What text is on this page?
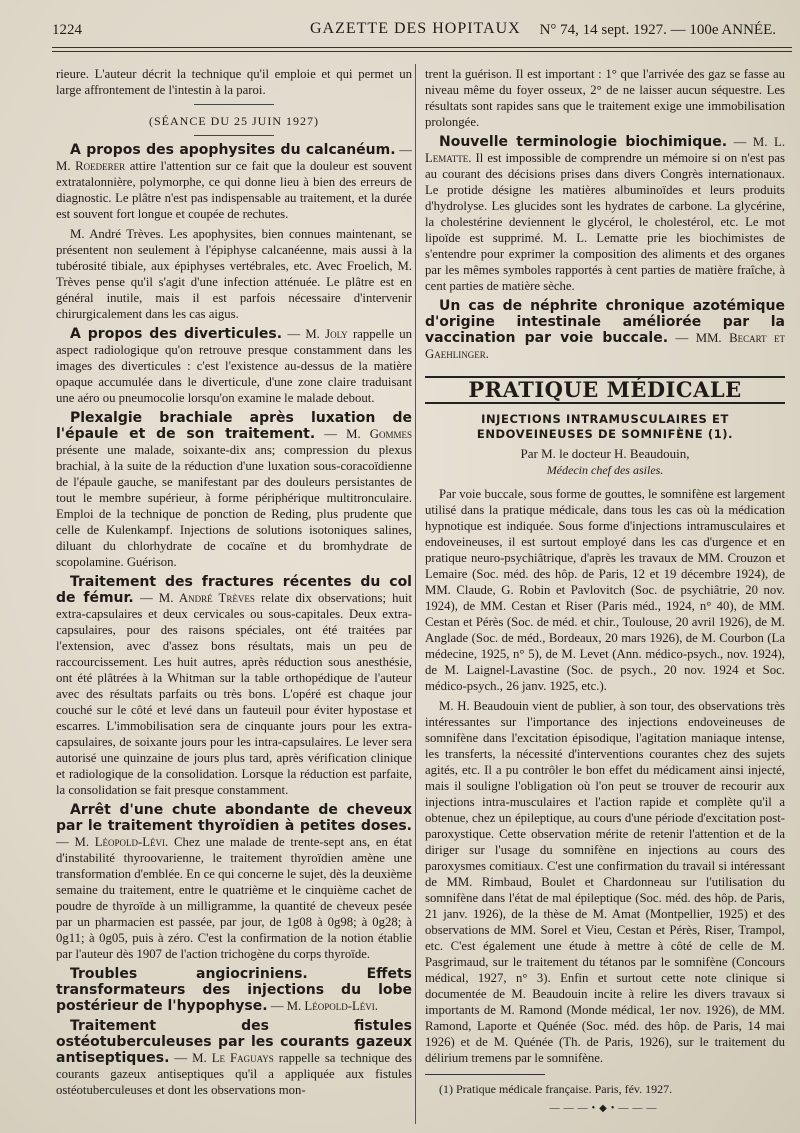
1224	GAZETTE DES HOPITAUX N° 74, 14 sept. 1927. — 100e ANNÉE.

rieure. L'auteur décrit la technique qu'il emploie et qui permet un large affrontement de l'intestin à la paroi.

(SÉANCE DU 25 JUIN 1927)

A propos des apophysites du calcanéum. — M. Roederer attire l'attention sur ce fait que la douleur est souvent extratalonnière, polymorphe, ce qui donne lieu à bien des erreurs de diagnostic. Le plâtre n'est pas indispensable au traitement, et la durée est souvent fort longue et coupée de rechutes.

M. André Trèves. Les apophysites, bien connues maintenant, se présentent non seulement à l'épiphyse calcanéenne, mais aussi à la tubérosité tibiale, aux épiphyses vertébrales, etc. Avec Froelich, M. Trèves pense qu'il s'agit d'une infection atténuée. Le plâtre est en général inutile, mais il est parfois nécessaire d'intervenir chirurgicalement dans les cas aigus.

A propos des diverticules. — M. Joly rappelle un aspect radiologique qu'on retrouve presque constamment dans les images des diverticules : c'est l'existence au-dessus de la matière opaque accumulée dans le diverticule, d'une zone claire traduisant une aéro ou pneumocolie lorsqu'on examine le malade debout.

Plexalgie brachiale après luxation de l'épaule et de son traitement. — M. Gommes présente une malade, soixante-dix ans; compression du plexus brachial, à la suite de la réduction d'une luxation sous-coracoïdienne de l'épaule gauche, se manifestant par des douleurs persistantes de tout le membre supérieur, à forme périphérique multitronculaire. Emploi de la technique de ponction de Reding, plus prudente que celle de Kulenkampf. Injections de solutions isotoniques salines, diluant du chlorhydrate de cocaïne et du bromhydrate de scopolamine. Guérison.

Traitement des fractures récentes du col de fémur. — M. André Trèves relate dix observations; huit extra-capsulaires et deux cervicales ou sous-capitales. Deux extra-capsulaires, pour des raisons spéciales, ont été traitées par l'extension, avec d'assez bons résultats, mais un peu de raccourcissement. Les huit autres, après réduction sous anesthésie, ont été plâtrées à la Whitman sur la table orthopédique de l'auteur avec des résultats parfaits ou très bons. L'opéré est chaque jour couché sur le côté et levé dans un fauteuil pour éviter hypostase et escarres. L'immobilisation sera de cinquante jours pour les extra-capsulaires, de soixante jours pour les intra-capsulaires. Le lever sera autorisé une quinzaine de jours plus tard, après vérification clinique et radiologique de la consolidation. Lorsque la réduction est parfaite, la consolidation se fait presque constamment.

Arrêt d'une chute abondante de cheveux par le traitement thyroïdien à petites doses. — M. Léopold-Lévi. Chez une malade de trente-sept ans, en état d'instabilité thyroovarienne, le traitement thyroïdien amène une transformation d'emblée. En ce qui concerne le sujet, dès la deuxième semaine du traitement, entre le quatrième et le cinquième cachet de poudre de thyroïde à un milligramme, la quantité de cheveux pesée par un pharmacien est passée, par jour, de 1g08 à 0g98; à 0g28; à 0g11; à 0g05, puis à zéro. C'est la confirmation de la notion établie par l'auteur dès 1907 de l'action trichogène du corps thyroïde.

Troubles angiocriniens. Effets transformateurs des injections du lobe postérieur de l'hypophyse. — M. Léopold-Lévi.

Traitement des fistules ostéotuberculeuses par les courants gazeux antiseptiques. — M. Le Faguays rappelle sa technique des courants gazeux antiseptiques qu'il a appliquée aux fistules ostéotuberculeuses et dont les observations mon-

trent la guérison. Il est important : 1° que l'arrivée des gaz se fasse au niveau même du foyer osseux, 2° de ne laisser aucun séquestre. Les résultats sont rapides sans que le traitement exige une immobilisation prolongée.

Nouvelle terminologie biochimique. — M. L. Lematte. Il est impossible de comprendre un mémoire si on n'est pas au courant des décisions prises dans divers Congrès internationaux. Le protide désigne les matières albuminoïdes et leurs produits d'hydrolyse. Les glucides sont les hydrates de carbone. La glycérine, la cholestérine deviennent le glycérol, le cholestérol, etc. Le mot lipoïde est supprimé. M. L. Lematte prie les biochimistes de s'entendre pour exprimer la composition des aliments et des organes par les mêmes symboles rapportés à cent parties de matière fraîche, à cent parties de matière sèche.

Un cas de néphrite chronique azotémique d'origine intestinale améliorée par la vaccination par voie buccale. — MM. Becart et Gaehlinger.

PRATIQUE MÉDICALE
INJECTIONS INTRAMUSCULAIRES ET ENDOVEINEUSES DE SOMNIFÈNE (1).
Par M. le docteur H. Beaudouin,
Médecin chef des asiles.

Par voie buccale, sous forme de gouttes, le somnifène est largement utilisé dans la pratique médicale, dans tous les cas où la médication hypnotique est indiquée. Sous forme d'injections intramusculaires et endoveineuses, il est surtout employé dans les cas d'urgence et en pratique neuro-psychiâtrique, d'après les travaux de MM. Crouzon et Lemaire (Soc. méd. des hôp. de Paris, 12 et 19 décembre 1924), de MM. Claude, G. Robin et Pavlovitch (Soc. de psychiâtrie, 20 nov. 1924), de MM. Cestan et Riser (Paris méd., 1924, n° 40), de MM. Cestan et Pérès (Soc. de méd. et chir., Toulouse, 20 avril 1926), de M. Anglade (Soc. de méd., Bordeaux, 20 mars 1926), de M. Courbon (La médecine, 1925, n° 5), de M. Levet (Ann. médico-psych., nov. 1924), de M. Laignel-Lavastine (Soc. de psych., 20 nov. 1924 et Soc. médico-psych., 26 janv. 1925, etc.).

M. H. Beaudouin vient de publier, à son tour, des observations très intéressantes sur l'importance des injections endoveineuses de somnifène dans l'excitation épisodique, l'agitation maniaque intense, les transferts, la nécessité d'interventions courantes chez des sujets agités, etc. Il a pu contrôler le bon effet du médicament ainsi injecté, mais il souligne l'obligation où l'on peut se trouver de recourir aux injections intra-musculaires et l'action rapide et complète qu'il a obtenue, chez un épileptique, au cours d'une période d'excitation post-paroxystique. Cette observation mérite de retenir l'attention et de la diriger sur l'usage du somnifène en injections au cours des paroxysmes comitiaux. C'est une confirmation du travail si intéressant de MM. Rimbaud, Boulet et Chardonneau sur l'utilisation du somnifène dans l'état de mal épileptique (Soc. méd. des hôp. de Paris, 21 janv. 1926), de la thèse de M. Amat (Montpellier, 1925) et des observations de MM. Sorel et Vieu, Cestan et Pérès, Riser, Trampol, etc. C'est également une étude à mettre à côté de celle de M. Pasgrimaud, sur le traitement du tétanos par le somnifène (Concours médical, 1927, n° 3). Enfin et surtout cette note clinique si documentée de M. Beaudouin incite à relire les divers travaux si importants de M. Ramond (Monde médical, 1er nov. 1926), de MM. Ramond, Laporte et Quénée (Soc. méd. des hôp. de Paris, 14 mai 1926) et de M. Quénée (Th. de Paris, 1926), sur le traitement du délirium tremens par le somnifène.

(1) Pratique médicale française. Paris, fév. 1927.

———•◆•———
